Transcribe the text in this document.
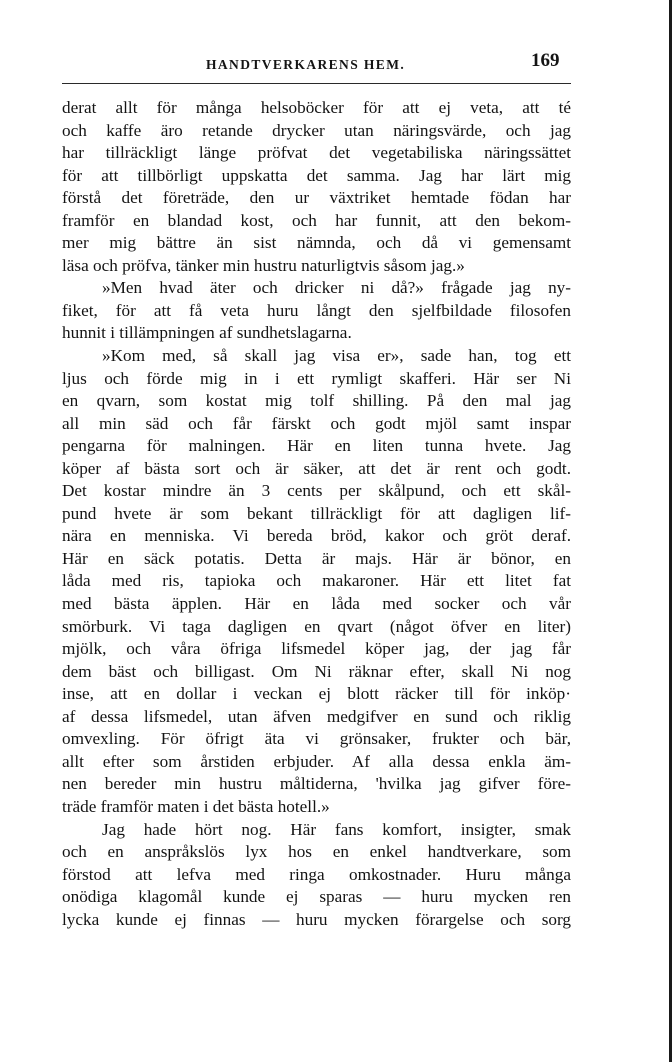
HANDTVERKARENS HEM.	169
derat allt för många helsoböcker för att ej veta, att té
och kaffe äro retande drycker utan näringsvärde, och jag
har tillräckligt länge pröfvat det vegetabiliska näringssättet
för att tillbörligt uppskatta det samma. Jag har lärt mig
förstå det företräde, den ur växtriket hemtade födan har
framför en blandad kost, och har funnit, att den bekom-
mer mig bättre än sist nämnda, och då vi gemensamt
läsa och pröfva, tänker min hustru naturligtvis såsom jag.»
»Men hvad äter och dricker ni då?» frågade jag ny-
fiket, för att få veta huru långt den sjelfbildade filosofen
hunnit i tillämpningen af sundhetslagarna.
»Kom med, så skall jag visa er», sade han, tog ett
ljus och förde mig in i ett rymligt skafferi. Här ser Ni
en qvarn, som kostat mig tolf shilling. På den mal jag
all min säd och får färskt och godt mjöl samt inspar
pengarna för malningen. Här en liten tunna hvete. Jag
köper af bästa sort och är säker, att det är rent och godt.
Det kostar mindre än 3 cents per skålpund, och ett skål-
pund hvete är som bekant tillräckligt för att dagligen lif-
nära en menniska. Vi bereda bröd, kakor och gröt deraf.
Här en säck potatis. Detta är majs. Här är bönor, en
låda med ris, tapioka och makaroner. Här ett litet fat
med bästa äpplen. Här en låda med socker och vår
smörburk. Vi taga dagligen en qvart (något öfver en liter)
mjölk, och våra öfriga lifsmedel köper jag, der jag får
dem bäst och billigast. Om Ni räknar efter, skall Ni nog
inse, att en dollar i veckan ej blott räcker till för inköp·
af dessa lifsmedel, utan äfven medgifver en sund och riklig
omvexling. För öfrigt äta vi grönsaker, frukter och bär,
allt efter som årstiden erbjuder. Af alla dessa enkla äm-
nen bereder min hustru måltiderna, 'hvilka jag gifver före-
träde framför maten i det bästa hotell.»
Jag hade hört nog. Här fans komfort, insigter, smak
och en anspråkslös lyx hos en enkel handtverkare, som
förstod att lefva med ringa omkostnader. Huru många
onödiga klagomål kunde ej sparas — huru mycken ren
lycka kunde ej finnas — huru mycken förargelse och sorg
